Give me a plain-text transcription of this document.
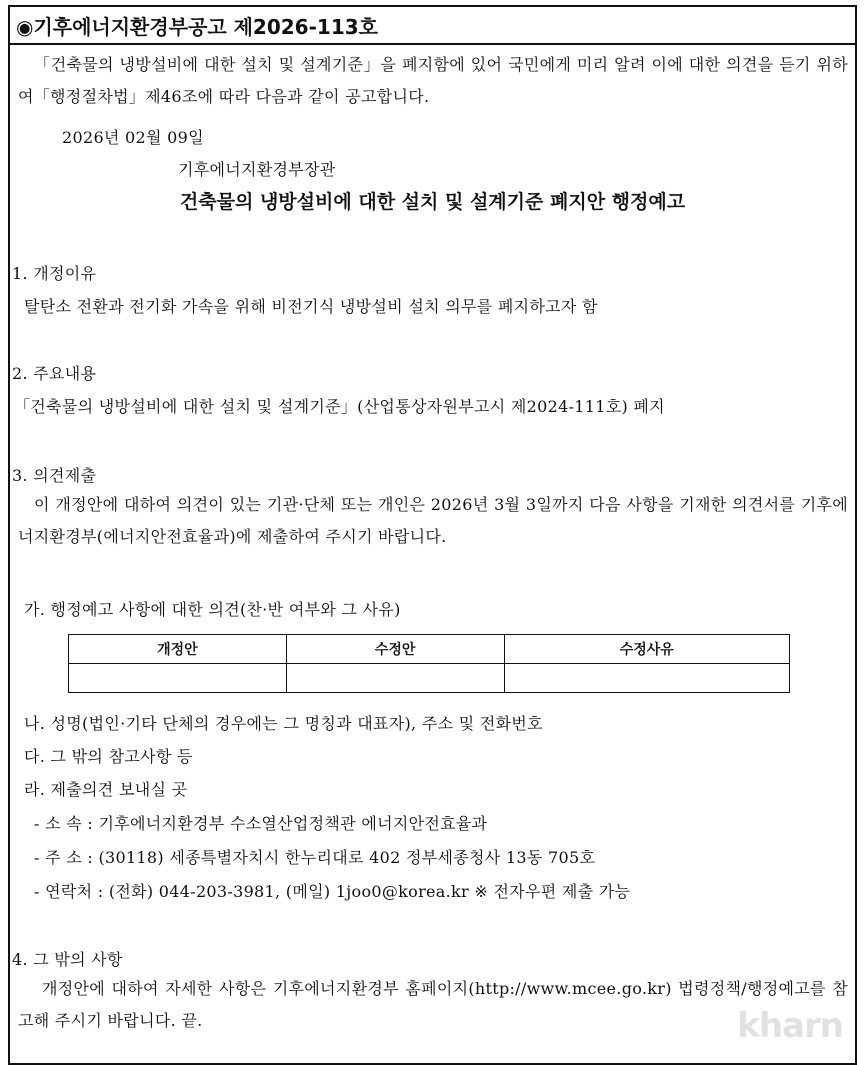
◉기후에너지환경부공고 제2026-113호
「건축물의 냉방설비에 대한 설치 및 설계기준」을 폐지함에 있어 국민에게 미리 알려 이에 대한 의견을 듣기 위하여「행정절차법」제46조에 따라 다음과 같이 공고합니다.
2026년 02월 09일
기후에너지환경부장관
건축물의 냉방설비에 대한 설치 및 설계기준 폐지안 행정예고
1. 개정이유
탈탄소 전환과 전기화 가속을 위해 비전기식 냉방설비 설치 의무를 폐지하고자 함
2. 주요내용
「건축물의 냉방설비에 대한 설치 및 설계기준」(산업통상자원부고시 제2024-111호) 폐지
3. 의견제출
이 개정안에 대하여 의견이 있는 기관·단체 또는 개인은 2026년 3월 3일까지 다음 사항을 기재한 의견서를 기후에너지환경부(에너지안전효율과)에 제출하여 주시기 바랍니다.
가. 행정예고 사항에 대한 의견(찬·반 여부와 그 사유)
개정안	수정안	수정사유

나. 성명(법인·기타 단체의 경우에는 그 명칭과 대표자), 주소 및 전화번호
다. 그 밖의 참고사항 등
라. 제출의견 보내실 곳
- 소 속 : 기후에너지환경부 수소열산업정책관 에너지안전효율과
- 주 소 : (30118) 세종특별자치시 한누리대로 402 정부세종청사 13동 705호
- 연락처 : (전화) 044-203-3981, (메일) 1joo0@korea.kr ※ 전자우편 제출 가능
4. 그 밖의 사항
개정안에 대하여 자세한 사항은 기후에너지환경부 홈페이지(http://www.mcee.go.kr) 법령정책/행정예고를 참고해 주시기 바랍니다. 끝.	kharn
